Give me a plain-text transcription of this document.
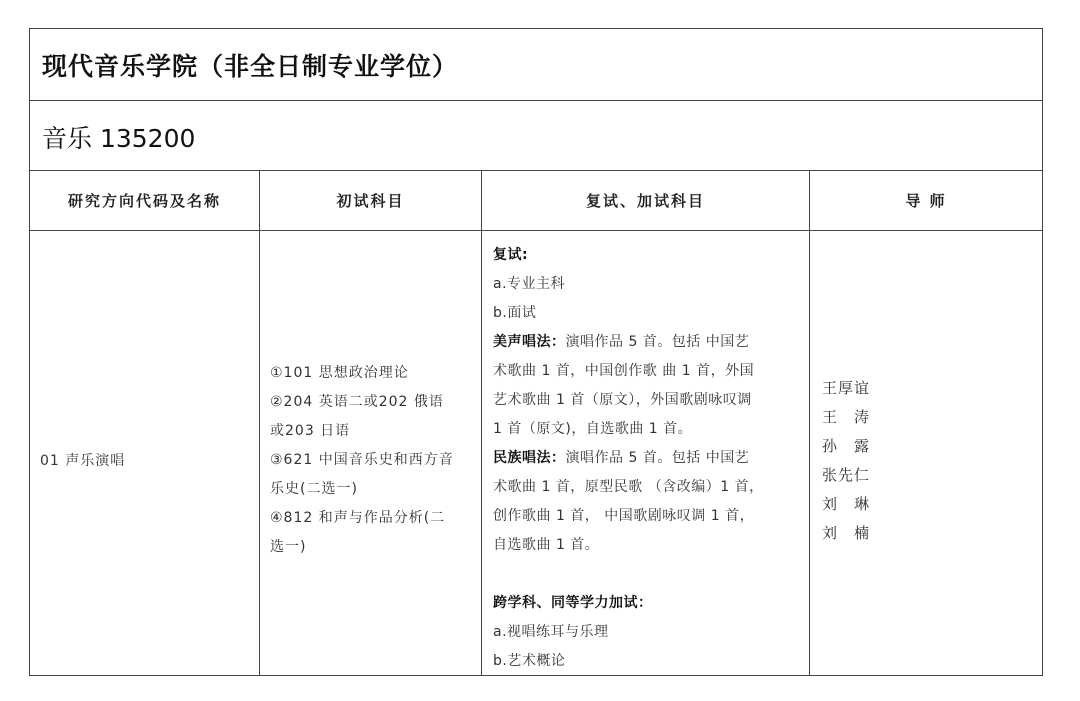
现代音乐学院（非全日制专业学位）
音乐 135200
研究方向代码及名称
01 声乐演唱
初试科目
①101 思想政治理论
②204 英语二或202 俄语
或203 日语
③621 中国音乐史和西方音
乐史(二选一)
④812 和声与作品分析(二
选一)
复试、加试科目
复试:
a.专业主科
b.面试
美声唱法：演唱作品 5 首。包括 中国艺
术歌曲 1 首，中国创作歌 曲 1 首，外国
艺术歌曲 1 首（原文），外国歌剧咏叹调
1 首（原文)，自选歌曲 1 首。
民族唱法：演唱作品 5 首。包括 中国艺
术歌曲 1 首，原型民歌 （含改编）1 首，
创作歌曲 1 首， 中国歌剧咏叹调 1 首，
自选歌曲 1 首。
跨学科、同等学力加试：
a.视唱练耳与乐理
b.艺术概论
导 师
王厚谊
王　涛
孙　露
张先仁
刘　琳
刘　楠
